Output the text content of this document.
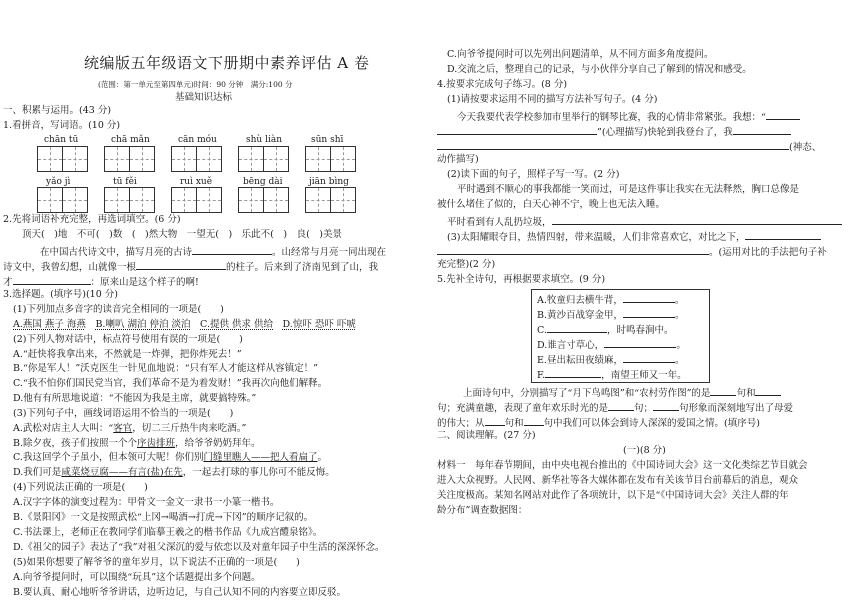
统编版五年级语文下册期中素养评估 A 卷
(范围：第一单元至第四单元)时间：90 分钟　满分:100 分
基础知识达标
一、积累与运用。(43 分)
1.看拼音，写词语。(10 分)
chān tū	chā mǎn	cān móu	shù liàn	sūn shī
yǎo jì	tū fěi	ruì xuě	bēng dài	jiān bìng
2.先将词语补充完整，再选词填空。(6 分)
顶天(　)地　不可(　)数　(　)然大物　一望无(　)　乐此不(　)　良(　)美景
在中国古代诗文中，描写月亮的古诗	。山经常与月亮一同出现在
诗文中，我曾幻想，山就像一根	的柱子。后来到了济南见到了山，我
才	：原来山是这个样子的啊!
3.选择题。(填序号)(10 分)
(1)下列加点多音字的读音完全相同的一项是(　　)
A.燕国 燕子 海燕　 B.喇叭 湖泊 停泊 淡泊　 C.提供 供求 供给　 D.惊吓 恐吓 吓唬
(2)下列人物对话中，标点符号使用有误的一项是(　　)
A.“赶快将我拿出来，不然就是一炸弹，把你炸死去！”
B.“你是军人！”沃克医生一针见血地说：“只有军人才能这样从容镇定！”
C.“我不怕你们国民党当官，我们革命不是为着发财！”我再次向他们解释。
D.他有有所思地说道：“不能因为我是主席，就要搞特殊。”
(3)下列句子中，画线词语运用不恰当的一项是(　　)
A.武松对店主人大叫：“客官，切二三斤热牛肉来吃酒。”
B.除夕夜，孩子们按照一个个序齿排班，给爷爷奶奶拜年。
C.我这回学个子虽小，但本领可大呢！你们别门缝里瞧人——把人看扁了。
D.我们可是咸菜烧豆腐——有言(盐)在先，一起去打球的事儿你可不能反悔。
(4)下列说法正确的一项是(　　)
A.汉字字体的演变过程为：甲骨文一金文一隶书一小篆一楷书。
B.《景阳冈》一文是按照武松“上冈→喝酒→打虎→下冈”的顺序记叙的。
C.书法课上，老师正在教同学们临摹王羲之的楷书作品《九成宫醴泉铭》。
D.《祖父的园子》表达了“我”对祖父深沉的爱与依恋以及对童年园子中生活的深深怀念。
(5)如果你想要了解爷爷的童年岁月，以下说法不正确的一项是(　　)
A.向爷爷提问时，可以围绕“玩具”这个话题提出多个问题。
B.要认真、耐心地听爷爷讲话，边听边记，与自己认知不同的内容要立即反驳。
C.向爷爷提问时可以先列出问题清单，从不同方面多角度提问。
D.交流之后，整理自己的记录，与小伙伴分享自己了解到的情况和感受。
4.按要求完成句子练习。(8 分)
(1)请按要求运用不同的描写方法补写句子。(4 分)
今天我要代表学校参加市里举行的钢琴比赛，我的心情非常紧张。我想：“
”(心理描写)快轮到我登台了，我
(神态、
动作描写)
(2)读下面的句子，照样子写一写。(2 分)
平时遇到不顺心的事我都能一笑而过，可是这件事让我实在无法释然，胸口总像是
被什么堵住了似的，白天心神不宁，晚上也无法入睡。
平时看到有人乱扔垃圾，
(3)太阳耀眼夺目，热情四射，带来温暖，人们非常喜欢它，对比之下，
。(运用对比的手法把句子补
充完整)(2 分)
5.先补全诗句，再根据要求填空。(9 分)
A.牧童归去横牛背，	。
B.黄沙百战穿金甲，	。
C.	，时鸣春涧中。
D.谁言寸草心，	。
E.昼出耘田夜绩麻，	。
F.	，南望王师又一年。
上面诗句中，分别描写了“月下鸟鸣图”和“农村劳作图”的是	句和
句；充满童趣，表现了童年欢乐时光的是	句；	句形象而深刻地写出了母爱
的伟大；从 句和 句中我们可以体会到诗人深深的爱国之情。(填序号)
二、阅读理解。(27 分)
(一)(8 分)
材料一　每年春节期间，由中央电视台推出的《中国诗词大会》这一文化类综艺节目就会
进入大众视野。人民网、新华社等各大媒体都在发布有关该节目台前幕后的消息，观众
关注度极高。某知名网站对此作了各项统计，以下是“《中国诗词大会》关注人群的年
龄分布”调查数据图：
